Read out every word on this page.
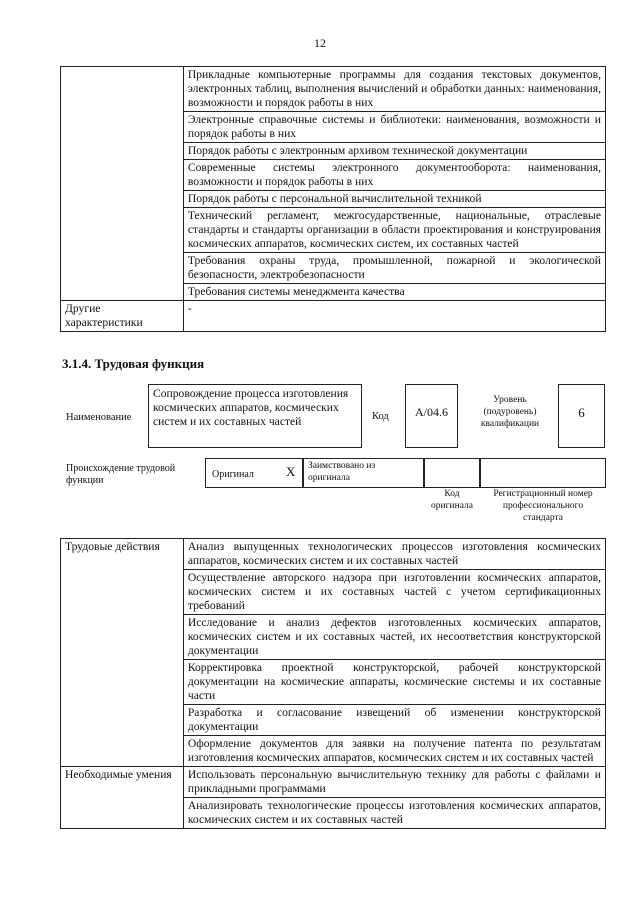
12
	Прикладные компьютерные программы для создания текстовых документов, электронных таблиц, выполнения вычислений и обработки данных: наименования, возможности и порядок работы в них
	Электронные справочные системы и библиотеки: наименования, возможности и порядок работы в них
	Порядок работы с электронным архивом технической документации
	Современные системы электронного документооборота: наименования, возможности и порядок работы в них
	Порядок работы с персональной вычислительной техникой
	Технический регламент, межгосударственные, национальные, отраслевые стандарты и стандарты организации в области проектирования и конструирования космических аппаратов, космических систем, их составных частей
	Требования охраны труда, промышленной, пожарной и экологической безопасности, электробезопасности
	Требования системы менеджмента качества
Другие характеристики	-
3.1.4. Трудовая функция
Наименование
Сопровождение процесса изготовления космических аппаратов, космических систем и их составных частей	Код	A/04.6
Уровень (подуровень) квалификации
6
Происхождение трудовой функции
Оригинал X Заимствовано из оригинала
Код оригинала
Регистрационный номер профессионального стандарта
Трудовые действия	Анализ выпущенных технологических процессов изготовления космических аппаратов, космических систем и их составных частей
	Осуществление авторского надзора при изготовлении космических аппаратов, космических систем и их составных частей с учетом сертификационных требований
	Исследование и анализ дефектов изготовленных космических аппаратов, космических систем и их составных частей, их несоответствия конструкторской документации
	Корректировка проектной конструкторской, рабочей конструкторской документации на космические аппараты, космические системы и их составные части
	Разработка и согласование извещений об изменении конструкторской документации
	Оформление документов для заявки на получение патента по результатам изготовления космических аппаратов, космических систем и их составных частей
Необходимые умения	Использовать персональную вычислительную технику для работы с файлами и прикладными программами
	Анализировать технологические процессы изготовления космических аппаратов, космических систем и их составных частей
